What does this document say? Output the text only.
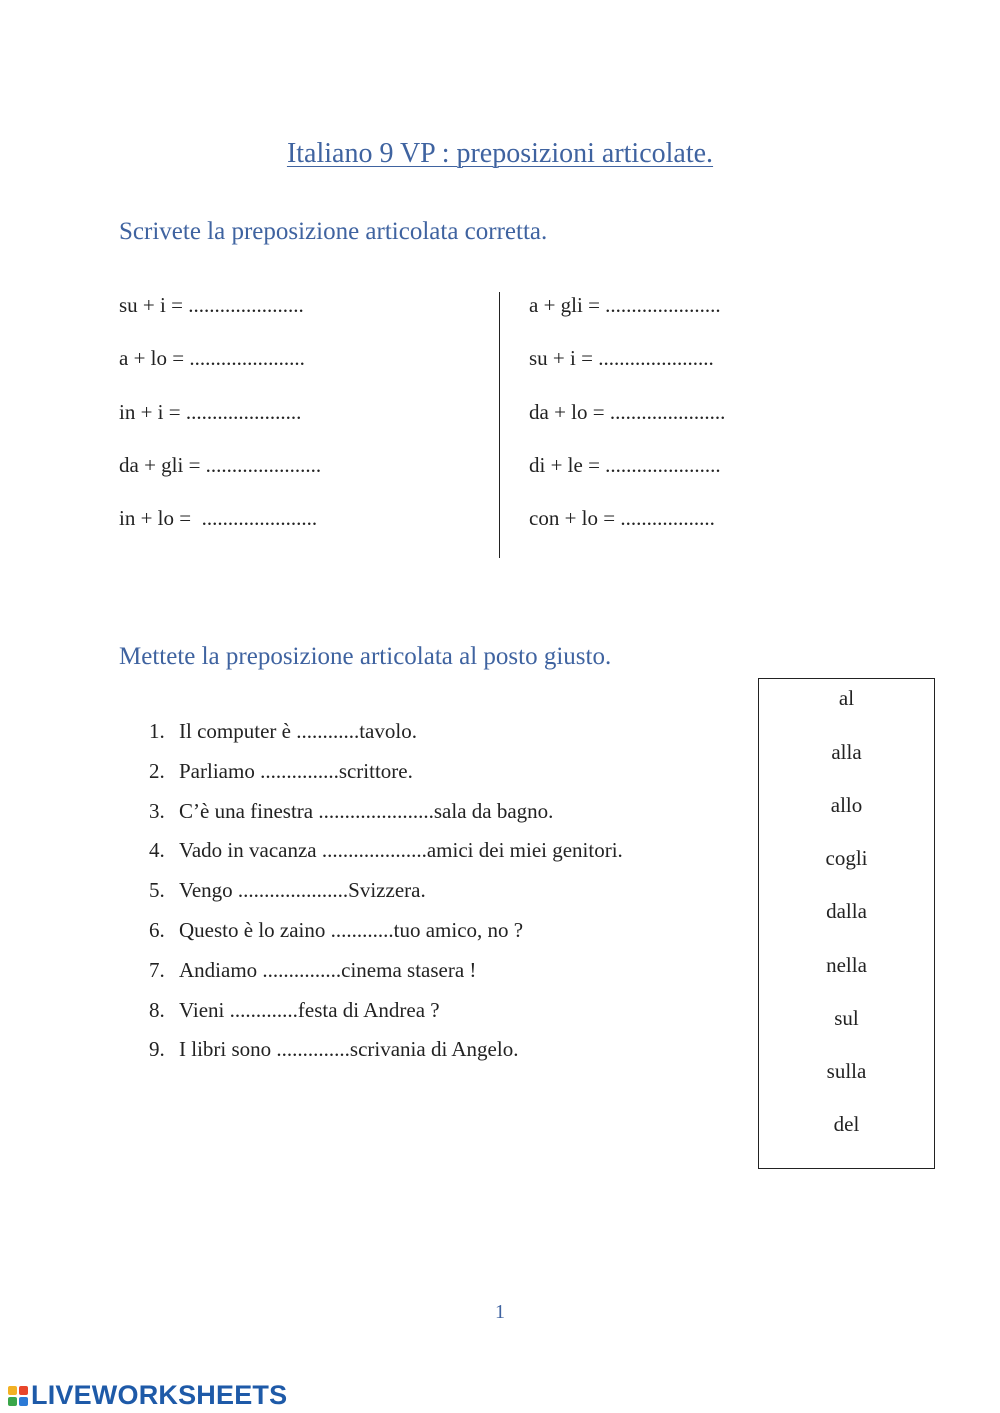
Italiano 9 VP : preposizioni articolate.
Scrivete la preposizione articolata corretta.
su + i = ......................
a + lo = ......................
in + i = ......................
da + gli = ......................
in + lo =  ......................
a + gli = ......................
su + i = ......................
da + lo = ......................
di + le = ......................
con + lo = ..................
Mettete la preposizione articolata al posto giusto.
1. Il computer è ............tavolo.
2. Parliamo ...............scrittore.
3. C’è una finestra ......................sala da bagno.
4. Vado in vacanza ....................amici dei miei genitori.
5. Vengo .....................Svizzera.
6. Questo è lo zaino ............tuo amico, no ?
7. Andiamo ...............cinema stasera !
8. Vieni .............festa di Andrea ?
9. I libri sono ..............scrivania di Angelo.
al
alla
allo
cogli
dalla
nella
sul
sulla
del
1
LIVEWORKSHEETS
